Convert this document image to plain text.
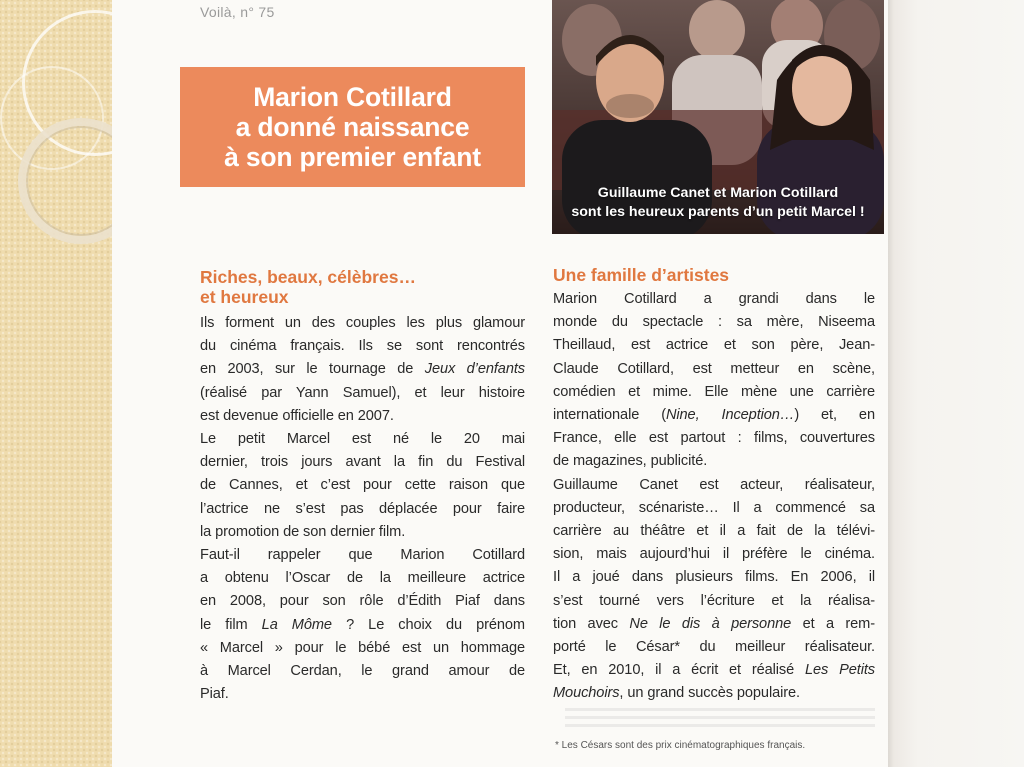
Voilà, n° 75
Marion Cotillard
a donné naissance
à son premier enfant
Guillaume Canet et Marion Cotillard
sont les heureux parents d’un petit Marcel !
Riches, beaux, célèbres…
et heureux
Ils forment un des couples les plus glamour
du cinéma français. Ils se sont rencontrés
en 2003, sur le tournage de Jeux d’enfants
(réalisé par Yann Samuel), et leur histoire
est devenue officielle en 2007.
Le petit Marcel est né le 20 mai
dernier, trois jours avant la fin du Festival
de Cannes, et c’est pour cette raison que
l’actrice ne s’est pas déplacée pour faire
la promotion de son dernier film.
Faut-il rappeler que Marion Cotillard
a obtenu l’Oscar de la meilleure actrice
en 2008, pour son rôle d’Édith Piaf dans
le film La Môme ? Le choix du prénom
« Marcel » pour le bébé est un hommage
à Marcel Cerdan, le grand amour de
Piaf.
Une famille d’artistes
Marion Cotillard a grandi dans le
monde du spectacle : sa mère, Niseema
Theillaud, est actrice et son père, Jean-
Claude Cotillard, est metteur en scène,
comédien et mime. Elle mène une carrière
internationale (Nine, Inception…) et, en
France, elle est partout : films, couvertures
de magazines, publicité.
Guillaume Canet est acteur, réalisateur,
producteur, scénariste… Il a commencé sa
carrière au théâtre et il a fait de la télévi-
sion, mais aujourd’hui il préfère le cinéma.
Il a joué dans plusieurs films. En 2006, il
s’est tourné vers l’écriture et la réalisa-
tion avec Ne le dis à personne et a rem-
porté le César* du meilleur réalisateur.
Et, en 2010, il a écrit et réalisé Les Petits
Mouchoirs, un grand succès populaire.
* Les Césars sont des prix cinématographiques français.
